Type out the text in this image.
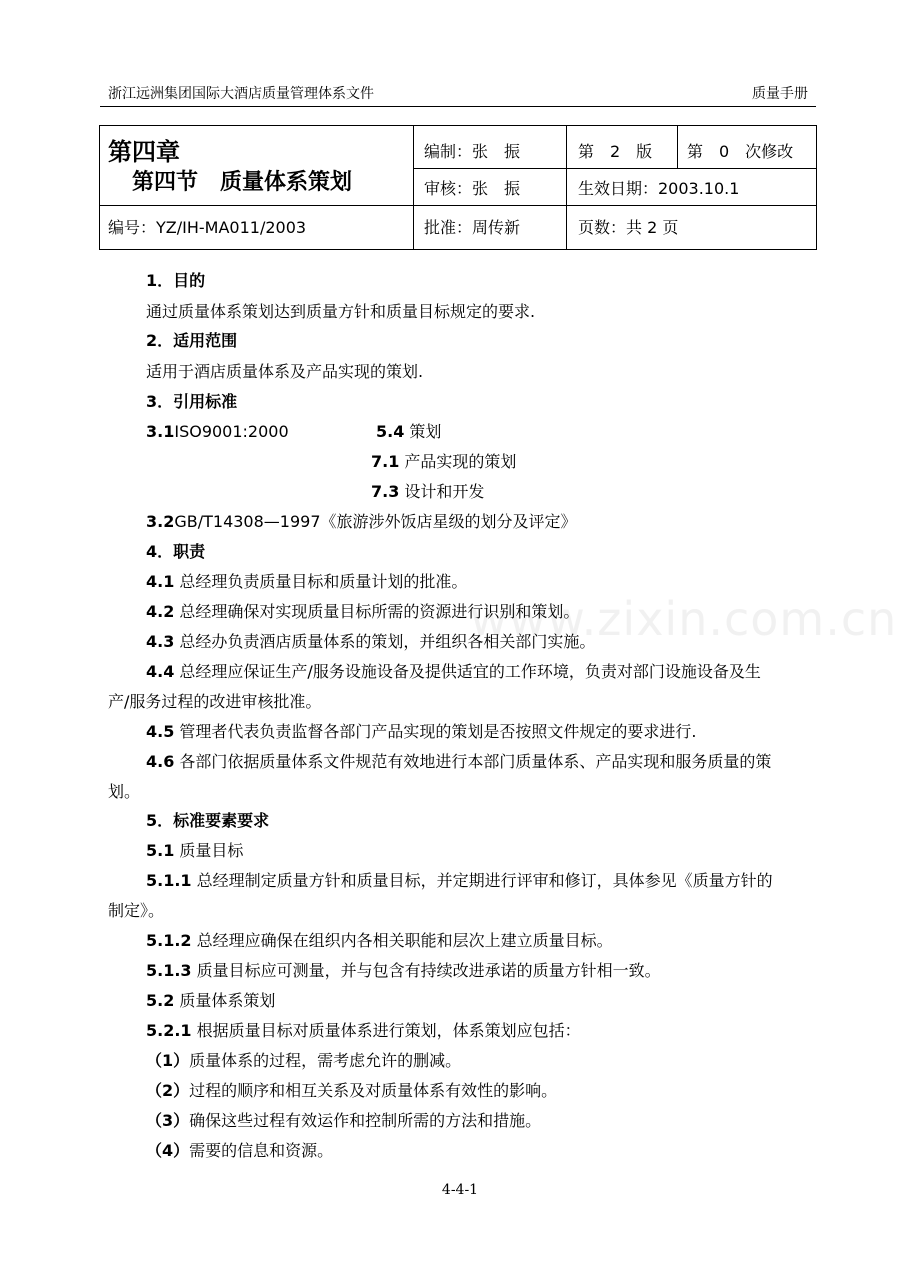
浙江远洲集团国际大酒店质量管理体系文件	质量手册
第四章
第四节　质量体系策划
编号：YZ/IH-MA011/2003
编制：张　振
审核：张　振
批准：周传新
第　2　版
生效日期：2003.10.1
页数：共 2 页
第　0　次修改
www.zixin.com.cn
1．目的
通过质量体系策划达到质量方针和质量目标规定的要求.
2．适用范围
适用于酒店质量体系及产品实现的策划.
3．引用标准
3.1ISO9001:2000	5.4 策划
7.1 产品实现的策划
7.3 设计和开发
3.2GB/T14308—1997《旅游涉外饭店星级的划分及评定》
4．职责
4.1 总经理负责质量目标和质量计划的批准。
4.2 总经理确保对实现质量目标所需的资源进行识别和策划。
4.3 总经办负责酒店质量体系的策划，并组织各相关部门实施。
4.4 总经理应保证生产/服务设施设备及提供适宜的工作环境，负责对部门设施设备及生
产/服务过程的改进审核批准。
4.5 管理者代表负责监督各部门产品实现的策划是否按照文件规定的要求进行.
4.6 各部门依据质量体系文件规范有效地进行本部门质量体系、产品实现和服务质量的策
划。
5．标准要素要求
5.1 质量目标
5.1.1 总经理制定质量方针和质量目标，并定期进行评审和修订，具体参见《质量方针的
制定》。
5.1.2 总经理应确保在组织内各相关职能和层次上建立质量目标。
5.1.3 质量目标应可测量，并与包含有持续改进承诺的质量方针相一致。
5.2 质量体系策划
5.2.1 根据质量目标对质量体系进行策划，体系策划应包括：
（1）质量体系的过程，需考虑允许的删减。
（2）过程的顺序和相互关系及对质量体系有效性的影响。
（3）确保这些过程有效运作和控制所需的方法和措施。
（4）需要的信息和资源。
4-4-1
